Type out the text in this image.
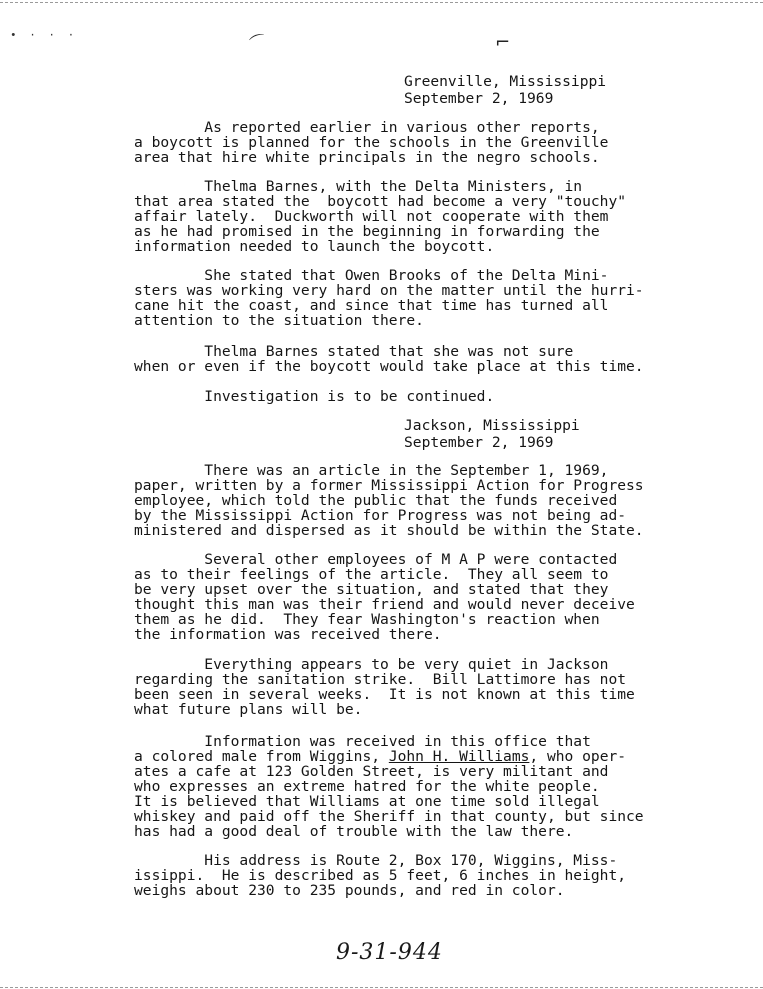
• · · ·	⌒	⌐
Greenville, Mississippi
September 2, 1969
As reported earlier in various other reports,
a boycott is planned for the schools in the Greenville
area that hire white principals in the negro schools.
Thelma Barnes, with the Delta Ministers, in
that area stated the  boycott had become a very "touchy"
affair lately.  Duckworth will not cooperate with them
as he had promised in the beginning in forwarding the
information needed to launch the boycott.
She stated that Owen Brooks of the Delta Mini-
sters was working very hard on the matter until the hurri-
cane hit the coast, and since that time has turned all
attention to the situation there.
Thelma Barnes stated that she was not sure
when or even if the boycott would take place at this time.
Investigation is to be continued.
Jackson, Mississippi
September 2, 1969
There was an article in the September 1, 1969,
paper, written by a former Mississippi Action for Progress
employee, which told the public that the funds received
by the Mississippi Action for Progress was not being ad-
ministered and dispersed as it should be within the State.
Several other employees of M A P were contacted
as to their feelings of the article.  They all seem to
be very upset over the situation, and stated that they
thought this man was their friend and would never deceive
them as he did.  They fear Washington's reaction when
the information was received there.
Everything appears to be very quiet in Jackson
regarding the sanitation strike.  Bill Lattimore has not
been seen in several weeks.  It is not known at this time
what future plans will be.
Information was received in this office that
a colored male from Wiggins, John H. Williams, who oper-
ates a cafe at 123 Golden Street, is very militant and
who expresses an extreme hatred for the white people.
It is believed that Williams at one time sold illegal
whiskey and paid off the Sheriff in that county, but since
has had a good deal of trouble with the law there.
His address is Route 2, Box 170, Wiggins, Miss-
issippi.  He is described as 5 feet, 6 inches in height,
weighs about 230 to 235 pounds, and red in color.
9-31-944
